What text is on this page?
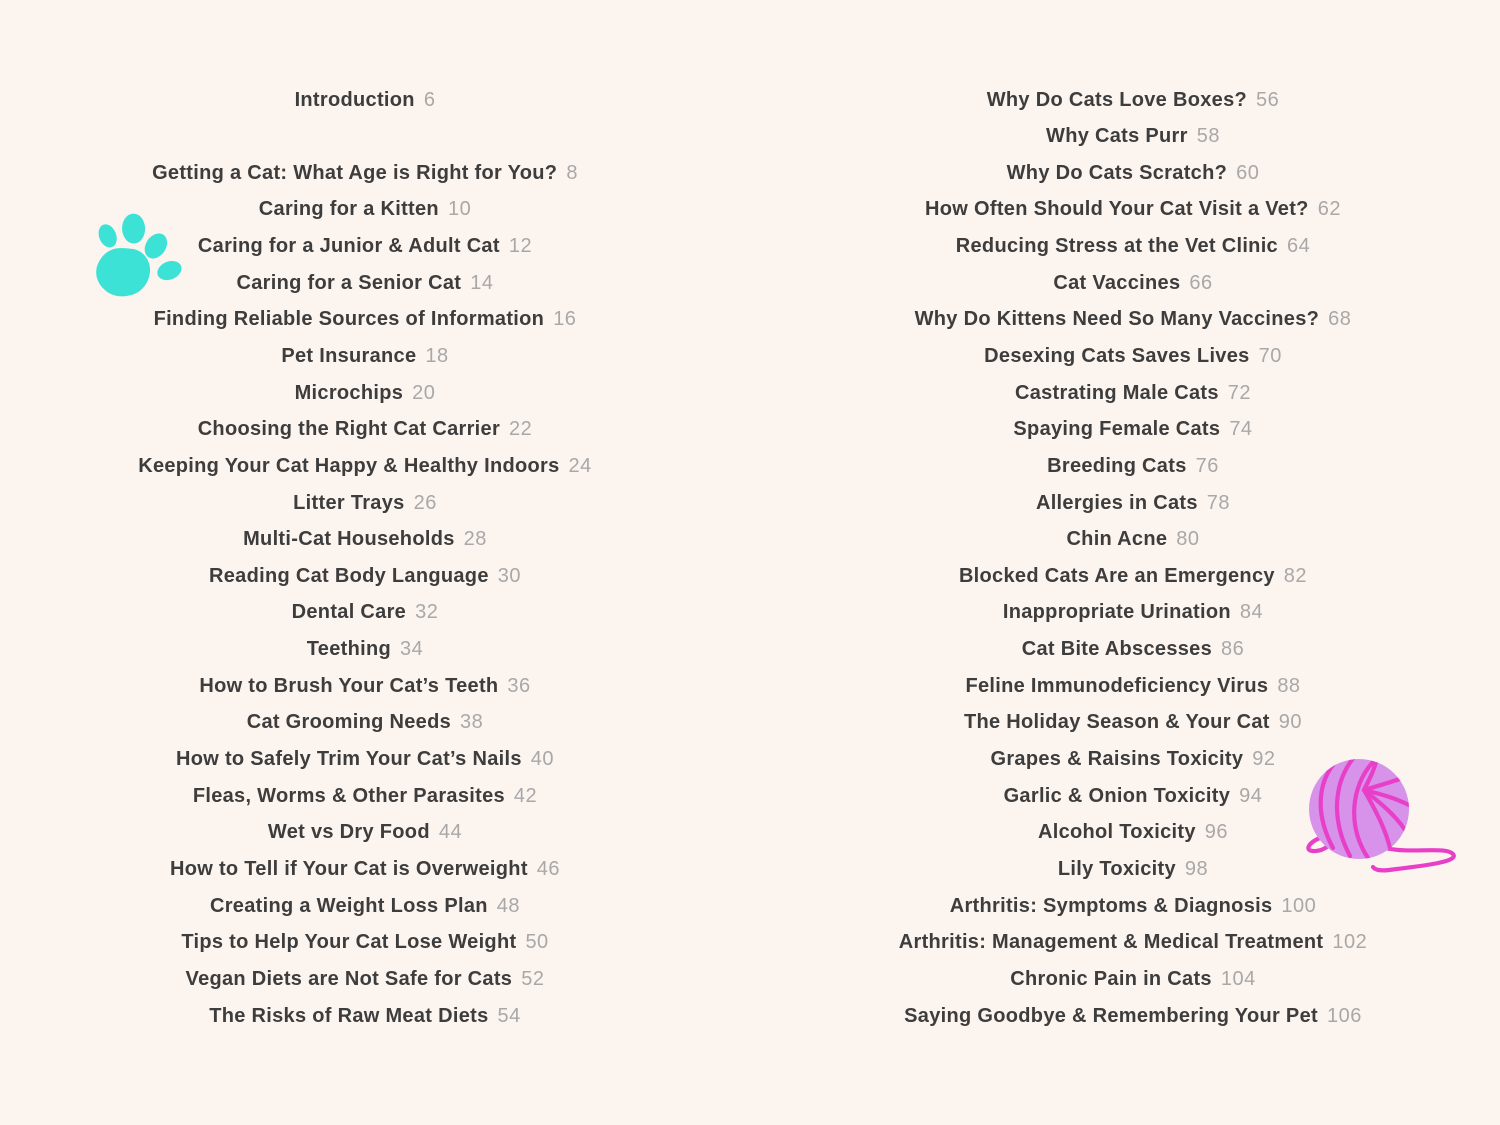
Introduction 6
Getting a Cat: What Age is Right for You? 8
Caring for a Kitten 10
Caring for a Junior & Adult Cat 12
Caring for a Senior Cat 14
Finding Reliable Sources of Information 16
Pet Insurance 18
Microchips 20
Choosing the Right Cat Carrier 22
Keeping Your Cat Happy & Healthy Indoors 24
Litter Trays 26
Multi-Cat Households 28
Reading Cat Body Language 30
Dental Care 32
Teething 34
How to Brush Your Cat’s Teeth 36
Cat Grooming Needs 38
How to Safely Trim Your Cat’s Nails 40
Fleas, Worms & Other Parasites 42
Wet vs Dry Food 44
How to Tell if Your Cat is Overweight 46
Creating a Weight Loss Plan 48
Tips to Help Your Cat Lose Weight 50
Vegan Diets are Not Safe for Cats 52
The Risks of Raw Meat Diets 54
Why Do Cats Love Boxes? 56
Why Cats Purr 58
Why Do Cats Scratch? 60
How Often Should Your Cat Visit a Vet? 62
Reducing Stress at the Vet Clinic 64
Cat Vaccines 66
Why Do Kittens Need So Many Vaccines? 68
Desexing Cats Saves Lives 70
Castrating Male Cats 72
Spaying Female Cats 74
Breeding Cats 76
Allergies in Cats 78
Chin Acne 80
Blocked Cats Are an Emergency 82
Inappropriate Urination 84
Cat Bite Abscesses 86
Feline Immunodeficiency Virus 88
The Holiday Season & Your Cat 90
Grapes & Raisins Toxicity 92
Garlic & Onion Toxicity 94
Alcohol Toxicity 96
Lily Toxicity 98
Arthritis: Symptoms & Diagnosis 100
Arthritis: Management & Medical Treatment 102
Chronic Pain in Cats 104
Saying Goodbye & Remembering Your Pet 106
